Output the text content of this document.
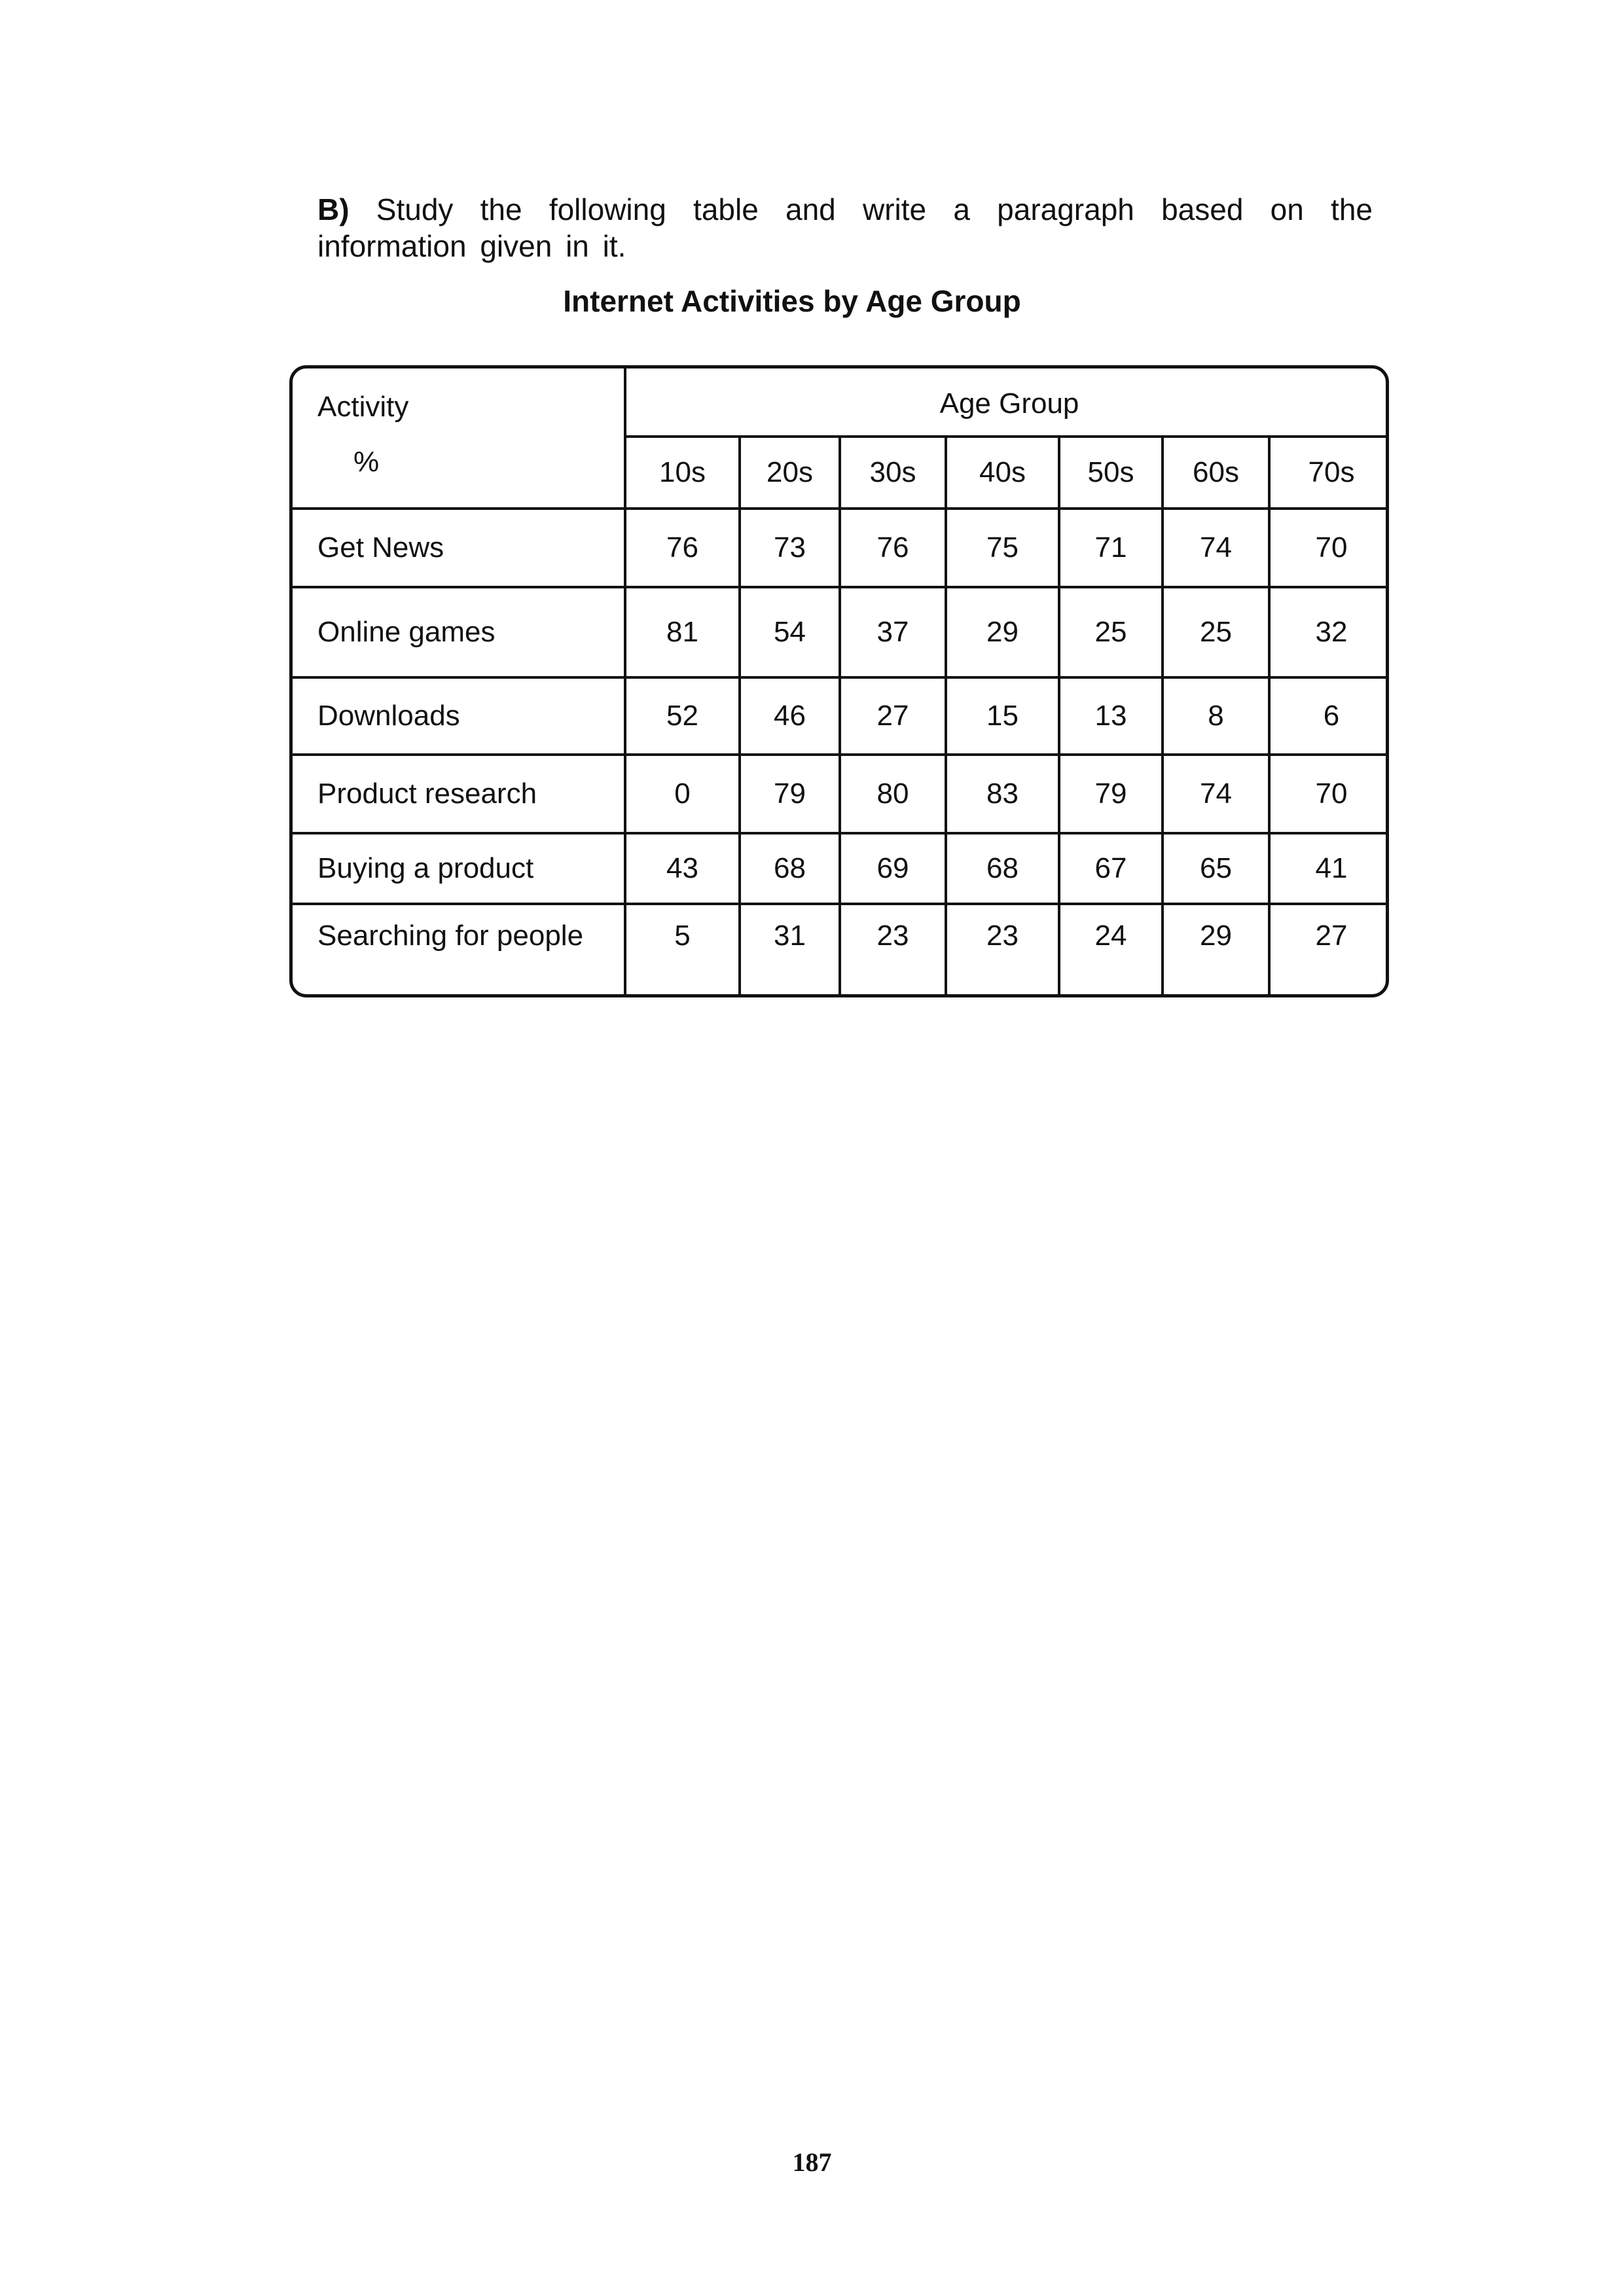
B) Study the following table and write a paragraph based on the information given in it.
Internet Activities by Age Group
Activity
%	Age Group						
	10s	20s	30s	40s	50s	60s	70s
Get News	76	73	76	75	71	74	70
Online games	81	54	37	29	25	25	32
Downloads	52	46	27	15	13	8	6
Product research	0	79	80	83	79	74	70
Buying a product	43	68	69	68	67	65	41
Searching for people	5	31	23	23	24	29	27
187
